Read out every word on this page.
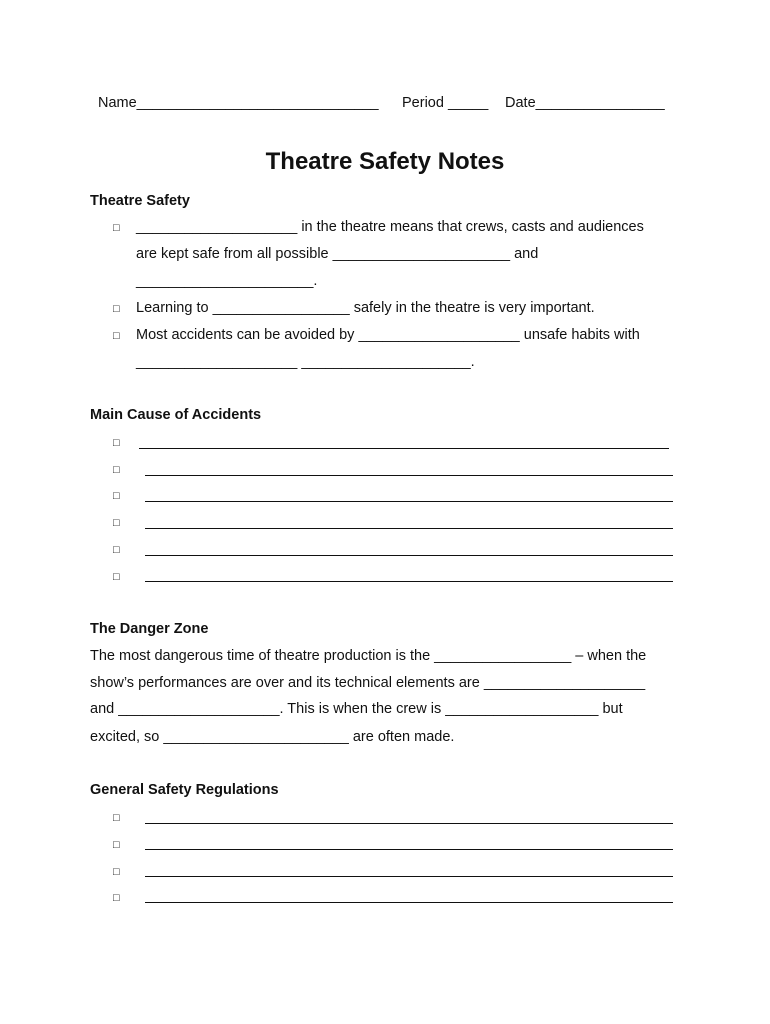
Name______________________________ Period _____ Date________________
Theatre Safety Notes
Theatre Safety
□ ____________________ in the theatre means that crews, casts and audiences
are kept safe from all possible ______________________ and
______________________.
□ Learning to _________________ safely in the theatre is very important.
□ Most accidents can be avoided by ____________________ unsafe habits with
____________________ _____________________.
Main Cause of Accidents
□
□
□
□
□
□
The Danger Zone
The most dangerous time of theatre production is the _________________ – when the
show’s performances are over and its technical elements are ____________________
and ____________________. This is when the crew is ___________________ but
excited, so _______________________ are often made.
General Safety Regulations
□
□
□
□
